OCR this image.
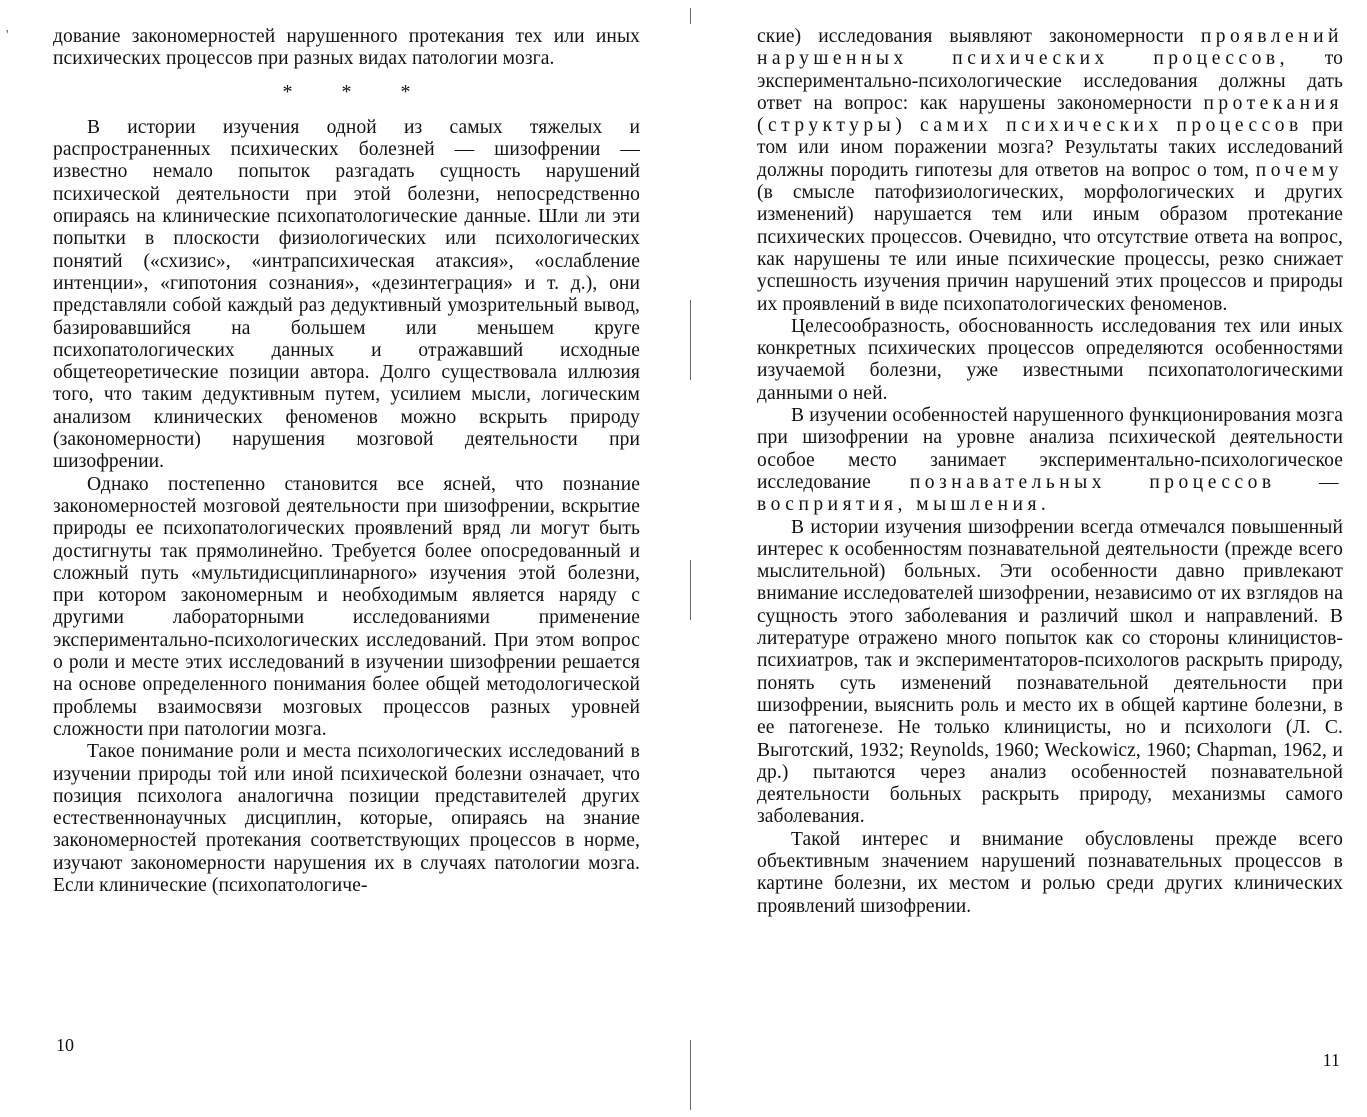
дование закономерностей нарушенного протекания тех или иных психических процессов при разных видах патологии мозга.

* * *

В истории изучения одной из самых тяжелых и распространенных психических болезней — шизофрении — известно немало попыток разгадать сущность нарушений психической деятельности при этой болезни, непосредственно опираясь на клинические психопатологические данные. Шли ли эти попытки в плоскости физиологических или психологических понятий («схизис», «интрапсихическая атаксия», «ослабление интенции», «гипотония сознания», «дезинтеграция» и т. д.), они представляли собой каждый раз дедуктивный умозрительный вывод, базировавшийся на большем или меньшем круге психопатологических данных и отражавший исходные общетеоретические позиции автора. Долго существовала иллюзия того, что таким дедуктивным путем, усилием мысли, логическим анализом клинических феноменов можно вскрыть природу (закономерности) нарушения мозговой деятельности при шизофрении.

Однако постепенно становится все ясней, что познание закономерностей мозговой деятельности при шизофрении, вскрытие природы ее психопатологических проявлений вряд ли могут быть достигнуты так прямолинейно. Требуется более опосредованный и сложный путь «мультидисциплинарного» изучения этой болезни, при котором закономерным и необходимым является наряду с другими лабораторными исследованиями применение экспериментально-психологических исследований. При этом вопрос о роли и месте этих исследований в изучении шизофрении решается на основе определенного понимания более общей методологической проблемы взаимосвязи мозговых процессов разных уровней сложности при патологии мозга.

Такое понимание роли и места психологических исследований в изучении природы той или иной психической болезни означает, что позиция психолога аналогична позиции представителей других естественнонаучных дисциплин, которые, опираясь на знание закономерностей протекания соответствующих процессов в норме, изучают закономерности нарушения их в случаях патологии мозга. Если клинические (психопатологиче-

10
'	ские) исследования выявляют закономерности проявлений нарушенных психических процессов, то экспериментально-психологические исследования должны дать ответ на вопрос: как нарушены закономерности протекания (структуры) самих психических процессов при том или ином поражении мозга? Результаты таких исследований должны породить гипотезы для ответов на вопрос о том, почему (в смысле патофизиологических, морфологических и других изменений) нарушается тем или иным образом протекание психических процессов. Очевидно, что отсутствие ответа на вопрос, как нарушены те или иные психические процессы, резко снижает успешность изучения причин нарушений этих процессов и природы их проявлений в виде психопатологических феноменов.

Целесообразность, обоснованность исследования тех или иных конкретных психических процессов определяются особенностями изучаемой болезни, уже известными психопатологическими данными о ней.

В изучении особенностей нарушенного функционирования мозга при шизофрении на уровне анализа психической деятельности особое место занимает экспериментально-психологическое исследование познавательных процессов — восприятия, мышления.

В истории изучения шизофрении всегда отмечался повышенный интерес к особенностям познавательной деятельности (прежде всего мыслительной) больных. Эти особенности давно привлекают внимание исследователей шизофрении, независимо от их взглядов на сущность этого заболевания и различий школ и направлений. В литературе отражено много попыток как со стороны клиницистов-психиатров, так и экспериментаторов-психологов раскрыть природу, понять суть изменений познавательной деятельности при шизофрении, выяснить роль и место их в общей картине болезни, в ее патогенезе. Не только клиницисты, но и психологи (Л. С. Выготский, 1932; Reynolds, 1960; Weckowicz, 1960; Chapman, 1962, и др.) пытаются через анализ особенностей познавательной деятельности больных раскрыть природу, механизмы самого заболевания.

Такой интерес и внимание обусловлены прежде всего объективным значением нарушений познавательных процессов в картине болезни, их местом и ролью среди других клинических проявлений шизофрении.

11
